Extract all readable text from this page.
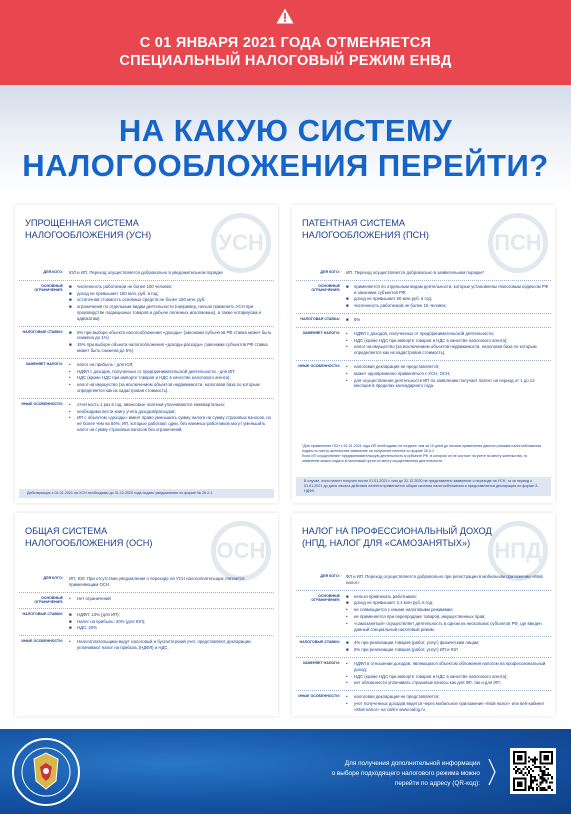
С 01 ЯНВАРЯ 2021 ГОДА ОТМЕНЯЕТСЯ
СПЕЦИАЛЬНЫЙ НАЛОГОВЫЙ РЕЖИМ ЕНВД
НА КАКУЮ СИСТЕМУ
НАЛОГООБЛОЖЕНИЯ ПЕРЕЙТИ?
УСН
УПРОЩЕННАЯ СИСТЕМА
НАЛОГООБЛОЖЕНИЯ (УСН)
ДЛЯ КОГО:	ЮЛ и ИП. Переход осуществляется добровольно в уведомительном порядке
ОСНОВНЫЕ ОГРАНИЧЕНИЯ:
■	численность работников не более 100 человек;
■	доход не превышает 150 млн. руб. в год;
■	остаточная стоимость основных средств не более 150 млн. руб;
■	ограничения по отдельным видам деятельности (например, нельзя применять УСН при производстве подакцизных товаров и добыче полезных ископаемых), а также нотариусам и адвокатам).
НАЛОГОВЫЕ СТАВКИ:	■	6% при выборе объекта налогообложения «доходы» (законами субъектов РФ ставка может быть снижена до 1%)
■	15% при выборе объекта налогообложения «доходы-расходы» (законами субъектов РФ ставка может быть снижена до 5%)
ЗАМЕНЯЕТ НАЛОГИ:	•	налог на прибыль - для ЮЛ;
•	НДФЛ с доходов, полученных от предпринимательской деятельности - для ИП;
•	НДС (кроме НДС при импорте товаров и НДС в качестве налогового агента);
•	налог на имущество (за исключением объектов недвижимости, налоговая база по которым определяется как их кадастровая стоимость).
ИНЫЕ ОСОБЕННОСТИ:	•	отчетность 1 раз в год, авансовые платежи уплачиваются ежеквартально;
•	необходимо вести книгу учета доходов/расходов;
•	ИП с объектом «доходы» имеет право уменьшить сумму налога на сумму страховых взносов, но не более чем на 50%; ИП, которые работают одни, без наемных работников могут уменьшить налог на сумму страховых взносов без ограничений.
Действующих с 01.01.2021 на УСН необходимо до 31.12.2020 года подать уведомление по форме № 26.2-1
ПСН
ПАТЕНТНАЯ СИСТЕМА
НАЛОГООБЛОЖЕНИЯ (ПСН)
ДЛЯ КОГО:	ИП. Переход осуществляется добровольно в заявительном порядке*
ОСНОВНЫЕ ОГРАНИЧЕНИЯ:
■	применяется по отдельным видам деятельности, которые установлены Налоговым кодексом РФ и законами субъектов РФ;
■	доход не превышает 60 млн.руб. в год;
■	численность работников не более 15 человек.
НАЛОГОВАЯ СТАВКА:	■	6%
ЗАМЕНЯЕТ НАЛОГИ:	•	НДФЛ с доходов, полученных от предпринимательской деятельности;
•	НДС (кроме НДС при импорте товаров и НДС в качестве налогового агента);
•	налог на имущество (за исключением объектов недвижимости, налоговая база по которым определяется как их кадастровая стоимость).
ИНЫЕ ОСОБЕННОСТИ:	•	налоговая декларация не представляется;
•	может одновременно применяться с УСН, ОСН;
•	для осуществления деятельности ИП по заявлению получает патент на период от 1 до 12 месяцев в пределах календарного года.
*Для применения ПСН с 01.01.2021 года ИП необходимо не позднее чем за 10 дней до начала применения данного режима налогообложения подать по месту жительства заявление на получение патента по форме 26.5-1
Если ИП осуществляет предпринимательскую деятельность в субъекте РФ, в котором он не состоит на учете по месту жительства, то заявление можно подать в налоговый орган по месту осуществления деятельности.
В случае, если патент получен после 01.01.2021 г. или до 31.12.2020 не представлено заявление о переходе на УСН, то за период с 01.01.2021 до даты начала действия патента применяется общая система налогообложения и представляется декларация по форме 3-НДФЛ.
ОСН
ОБЩАЯ СИСТЕМА
НАЛОГООБЛОЖЕНИЯ (ОСН)
ДЛЯ КОГО:	ИП, ЮЛ. При отсутствии уведомления о переходе на УСН налогоплательщик считается применяющим ОСН.
ОСНОВНЫЕ ОГРАНИЧЕНИЯ:
•	Нет ограничений
НАЛОГОВЫЕ СТАВКИ:	■	НДФЛ: 13% (для ИП);
■	Налог на прибыль: 20% (для ЮЛ);
■	НДС: 20%
ИНЫЕ ОСОБЕННОСТИ:	•	Налогоплательщики ведут налоговый и бухгалтерский учет, представляют декларации, уплачивают налог на прибыль (НДФЛ) и НДС.
НПД
НАЛОГ НА ПРОФЕССИОНАЛЬНЫЙ ДОХОД
(НПД, НАЛОГ ДЛЯ «САМОЗАНЯТЫХ»)
ДЛЯ КОГО:	ФЛ и ИП. Переход осуществляется добровольно при регистрации в мобильном приложении «Мой налог»
ОСНОВНЫЕ ОГРАНИЧЕНИЯ:
■	нельзя привлекать работников;
■	доход не превышает 2,4 млн руб. в год;
•	не совмещается с иными налоговыми режимами;
•	не применяется при перепродаже товаров, имущественных прав;
•	«самозанятый» осуществляет деятельность в одном из нескольких субъектов РФ, где введен данный специальный налоговый режим.
НАЛОГОВЫЕ СТАВКИ:	■	4% при реализации товаров (работ, услуг) физическим лицам;
■	6% при реализации товаров (работ, услуг) ИП и ЮЛ
ЗАМЕНЯЕТ НАЛОГИ:	•	НДФЛ в отношении доходов, являющихся объектом обложения налогом на профессиональный доход;
•	НДС (кроме НДС при импорте товаров и НДС в качестве налогового агента);
•	нет обязанности уплачивать страховые взносы как для ФЛ, так и для ИП;
ИНЫЕ ОСОБЕННОСТИ:	•	налоговая декларация не представляется;
•	учет полученных доходов ведется через мобильное приложение «Мой налог» или веб-кабинет «Мой налог» на сайте www.nalog.ru
Для получения дополнительной информации
о выборе подходящего налогового режима можно
перейти по адресу (QR-код):
